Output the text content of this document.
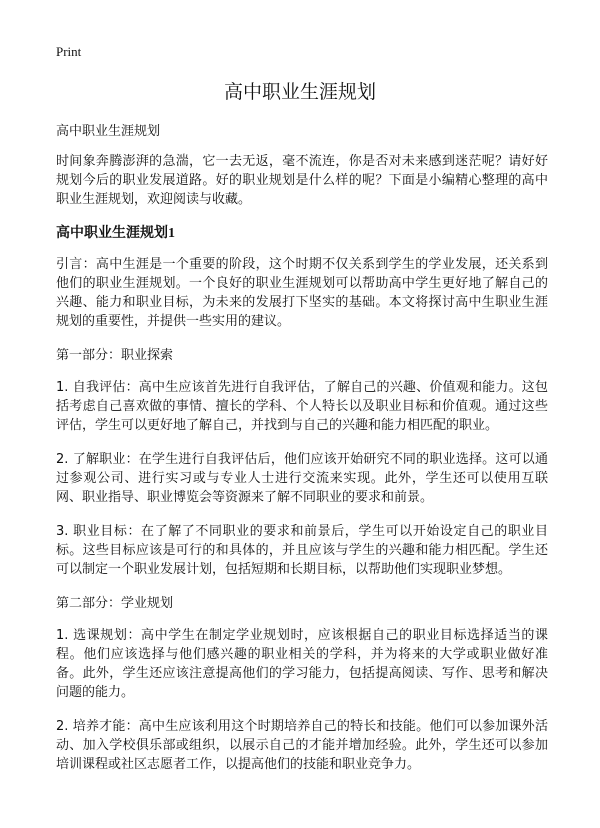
Print
高中职业生涯规划

高中职业生涯规划

时间象奔腾澎湃的急湍，它一去无返，毫不流连，你是否对未来感到迷茫呢？请好好规划今后的职业发展道路。好的职业规划是什么样的呢？下面是小编精心整理的高中职业生涯规划，欢迎阅读与收藏。

高中职业生涯规划1

引言：高中生涯是一个重要的阶段，这个时期不仅关系到学生的学业发展，还关系到他们的职业生涯规划。一个良好的职业生涯规划可以帮助高中学生更好地了解自己的兴趣、能力和职业目标，为未来的发展打下坚实的基础。本文将探讨高中生职业生涯规划的重要性，并提供一些实用的建议。

第一部分：职业探索

1. 自我评估：高中生应该首先进行自我评估，了解自己的兴趣、价值观和能力。这包括考虑自己喜欢做的事情、擅长的学科、个人特长以及职业目标和价值观。通过这些评估，学生可以更好地了解自己，并找到与自己的兴趣和能力相匹配的职业。

2. 了解职业：在学生进行自我评估后，他们应该开始研究不同的职业选择。这可以通过参观公司、进行实习或与专业人士进行交流来实现。此外，学生还可以使用互联网、职业指导、职业博览会等资源来了解不同职业的要求和前景。

3. 职业目标：在了解了不同职业的要求和前景后，学生可以开始设定自己的职业目标。这些目标应该是可行的和具体的，并且应该与学生的兴趣和能力相匹配。学生还可以制定一个职业发展计划，包括短期和长期目标，以帮助他们实现职业梦想。

第二部分：学业规划

1. 选课规划：高中学生在制定学业规划时，应该根据自己的职业目标选择适当的课程。他们应该选择与他们感兴趣的职业相关的学科，并为将来的大学或职业做好准备。此外，学生还应该注意提高他们的学习能力，包括提高阅读、写作、思考和解决问题的能力。

2. 培养才能：高中生应该利用这个时期培养自己的特长和技能。他们可以参加课外活动、加入学校俱乐部或组织，以展示自己的才能并增加经验。此外，学生还可以参加培训课程或社区志愿者工作，以提高他们的技能和职业竞争力。
